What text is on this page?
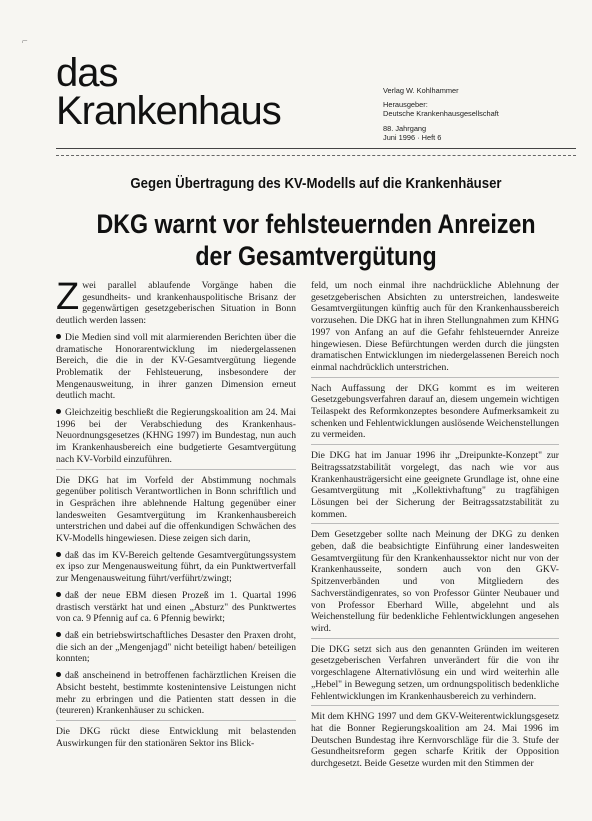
⌐
das
Krankenhaus	Verlag W. Kohlhammer
Herausgeber:
Deutsche Krankenhausgesellschaft
88. Jahrgang
Juni 1996 · Heft 6
Gegen Übertragung des KV-Modells auf die Krankenhäuser
DKG warnt vor fehlsteuernden Anreizen der Gesamtvergütung

Zwei parallel ablaufende Vorgänge haben die gesundheits- und krankenhauspolitische Brisanz der gegenwärtigen gesetzgeberischen Situation in Bonn deutlich werden lassen:

Die Medien sind voll mit alarmierenden Berichten über die dramatische Honorarentwicklung im niedergelassenen Bereich, die die in der KV-Gesamtvergütung liegende Problematik der Fehlsteuerung, insbesondere der Mengenausweitung, in ihrer ganzen Dimension erneut deutlich macht.

Gleichzeitig beschließt die Regierungskoalition am 24. Mai 1996 bei der Verabschiedung des Krankenhaus-Neuordnungsgesetzes (KHNG 1997) im Bundestag, nun auch im Krankenhausbereich eine budgetierte Gesamtvergütung nach KV-Vorbild einzuführen.

Die DKG hat im Vorfeld der Abstimmung nochmals gegenüber politisch Verantwortlichen in Bonn schriftlich und in Gesprächen ihre ablehnende Haltung gegenüber einer landesweiten Gesamtvergütung im Krankenhausbereich unterstrichen und dabei auf die offenkundigen Schwächen des KV-Modells hingewiesen. Diese zeigen sich darin,

daß das im KV-Bereich geltende Gesamtvergütungssystem ex ipso zur Mengenausweitung führt, da ein Punktwertverfall zur Mengenausweitung führt/verführt/zwingt;

daß der neue EBM diesen Prozeß im 1. Quartal 1996 drastisch verstärkt hat und einen „Absturz" des Punktwertes von ca. 9 Pfennig auf ca. 6 Pfennig bewirkt;

daß ein betriebswirtschaftliches Desaster den Praxen droht, die sich an der „Mengenjagd" nicht beteiligt haben/ beteiligen konnten;

daß anscheinend in betroffenen fachärztlichen Kreisen die Absicht besteht, bestimmte kostenintensive Leistungen nicht mehr zu erbringen und die Patienten statt dessen in die (teureren) Krankenhäuser zu schicken.

Die DKG rückt diese Entwicklung mit belastenden Auswirkungen für den stationären Sektor ins Blick-

feld, um noch einmal ihre nachdrückliche Ablehnung der gesetzgeberischen Absichten zu unterstreichen, landesweite Gesamtvergütungen künftig auch für den Krankenhaussbereich vorzusehen. Die DKG hat in ihren Stellungnahmen zum KHNG 1997 von Anfang an auf die Gefahr fehlsteuernder Anreize hingewiesen. Diese Befürchtungen werden durch die jüngsten dramatischen Entwicklungen im niedergelassenen Bereich noch einmal nachdrücklich unterstrichen.

Nach Auffassung der DKG kommt es im weiteren Gesetzgebungsverfahren darauf an, diesem ungemein wichtigen Teilaspekt des Reformkonzeptes besondere Aufmerksamkeit zu schenken und Fehlentwicklungen auslösende Weichenstellungen zu vermeiden.

Die DKG hat im Januar 1996 ihr „Dreipunkte-Konzept" zur Beitragssatzstabilität vorgelegt, das nach wie vor aus Krankenhausträgersicht eine geeignete Grundlage ist, ohne eine Gesamtvergütung mit „Kollektivhaftung" zu tragfähigen Lösungen bei der Sicherung der Beitragssatzstabilität zu kommen.

Dem Gesetzgeber sollte nach Meinung der DKG zu denken geben, daß die beabsichtigte Einführung einer landesweiten Gesamtvergütung für den Krankenhaussektor nicht nur von der Krankenhausseite, sondern auch von den GKV-Spitzenverbänden und von Mitgliedern des Sachverständigenrates, so von Professor Günter Neubauer und von Professor Eberhard Wille, abgelehnt und als Weichenstellung für bedenkliche Fehlentwicklungen angesehen wird.

Die DKG setzt sich aus den genannten Gründen im weiteren gesetzgeberischen Verfahren unverändert für die von ihr vorgeschlagene Alternativlösung ein und wird weiterhin alle „Hebel" in Bewegung setzen, um ordnungspolitisch bedenkliche Fehlentwicklungen im Krankenhausbereich zu verhindern.

Mit dem KHNG 1997 und dem GKV-Weiterentwicklungsgesetz hat die Bonner Regierungskoalition am 24. Mai 1996 im Deutschen Bundestag ihre Kernvorschläge für die 3. Stufe der Gesundheitsreform gegen scharfe Kritik der Opposition durchgesetzt. Beide Gesetze wurden mit den Stimmen der
